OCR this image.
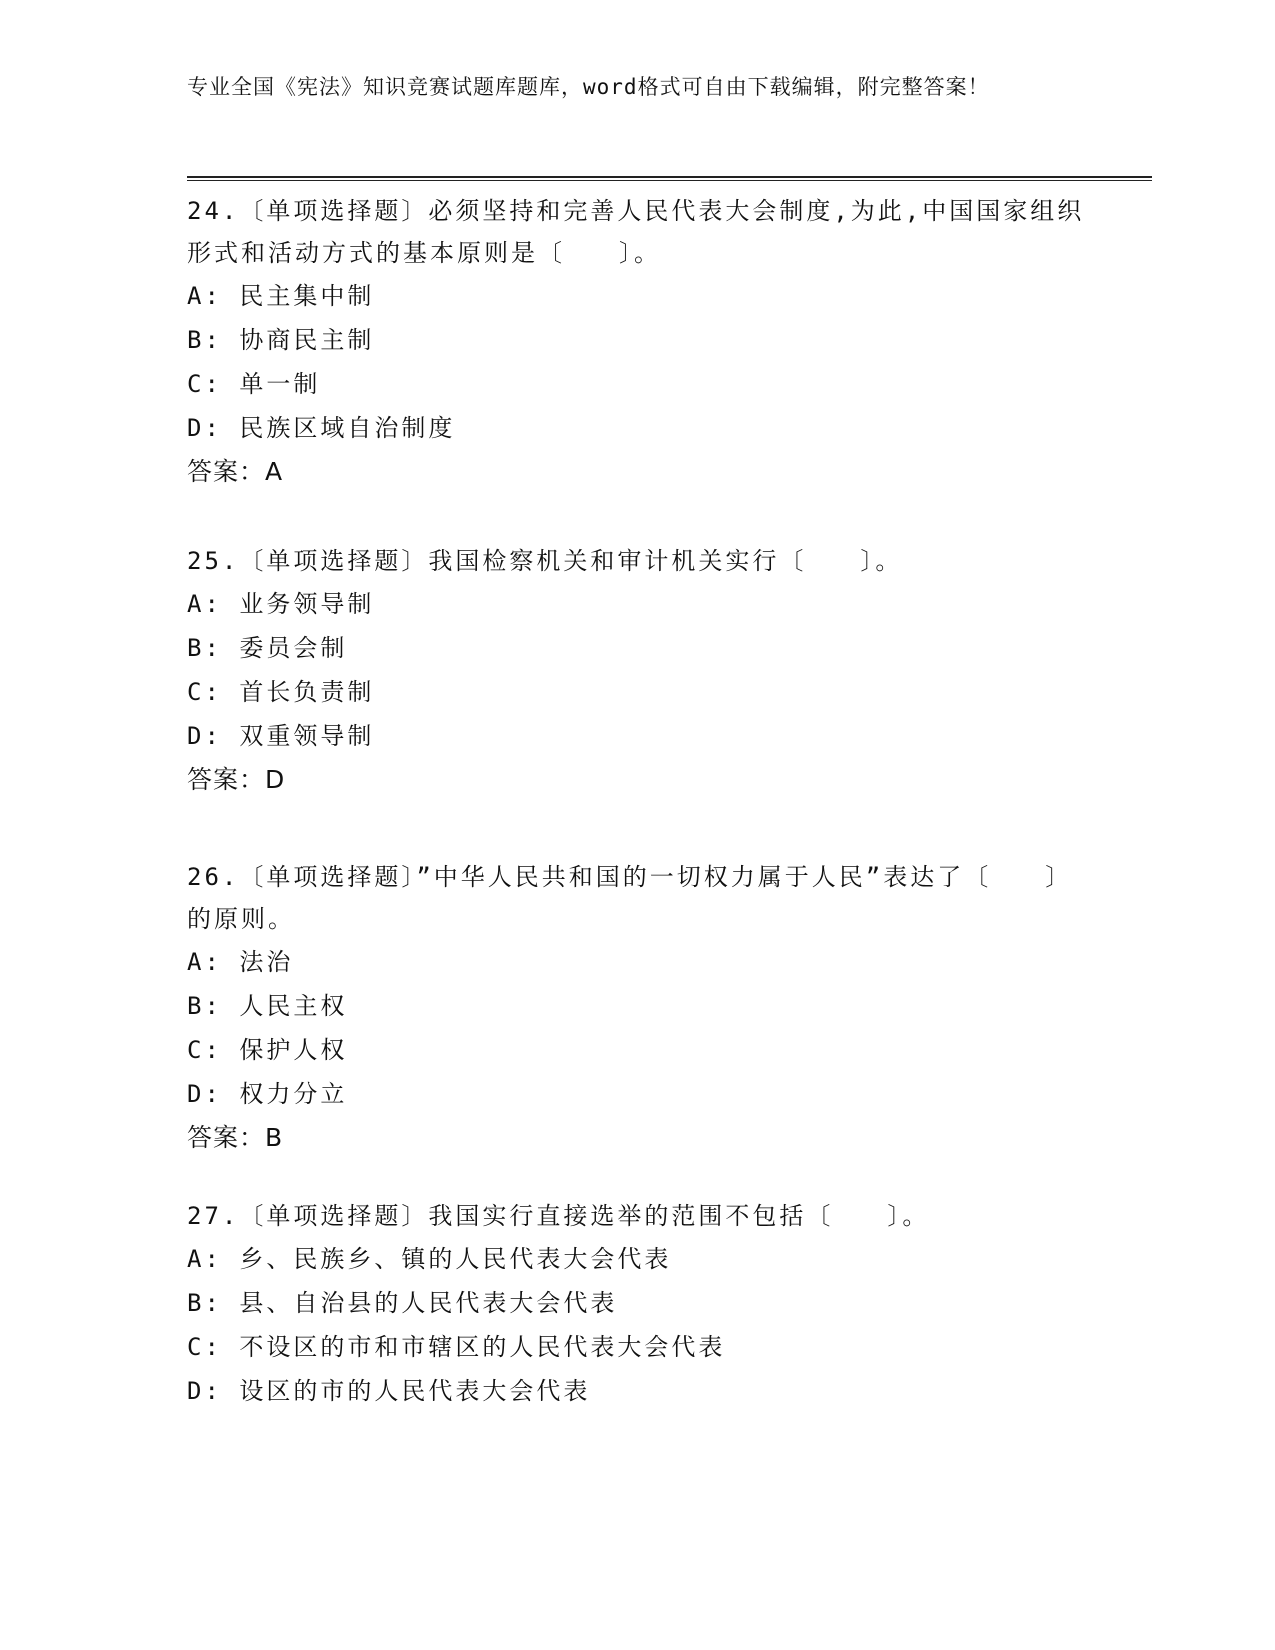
专业全国《宪法》知识竞赛试题库题库，word格式可自由下载编辑，附完整答案！

24.〔单项选择题〕必须坚持和完善人民代表大会制度,为此,中国国家组织形式和活动方式的基本原则是〔　　〕。

A: 民主集中制

B: 协商民主制

C: 单一制

D: 民族区域自治制度

答案：A

25.〔单项选择题〕我国检察机关和审计机关实行〔　　〕。

A: 业务领导制

B: 委员会制

C: 首长负责制

D: 双重领导制

答案：D

26.〔单项选择题〕”中华人民共和国的一切权力属于人民”表达了〔　　〕的原则。

A: 法治

B: 人民主权

C: 保护人权

D: 权力分立

答案：B

27.〔单项选择题〕我国实行直接选举的范围不包括〔　　〕。

A: 乡、民族乡、镇的人民代表大会代表

B: 县、自治县的人民代表大会代表

C: 不设区的市和市辖区的人民代表大会代表

D: 设区的市的人民代表大会代表
